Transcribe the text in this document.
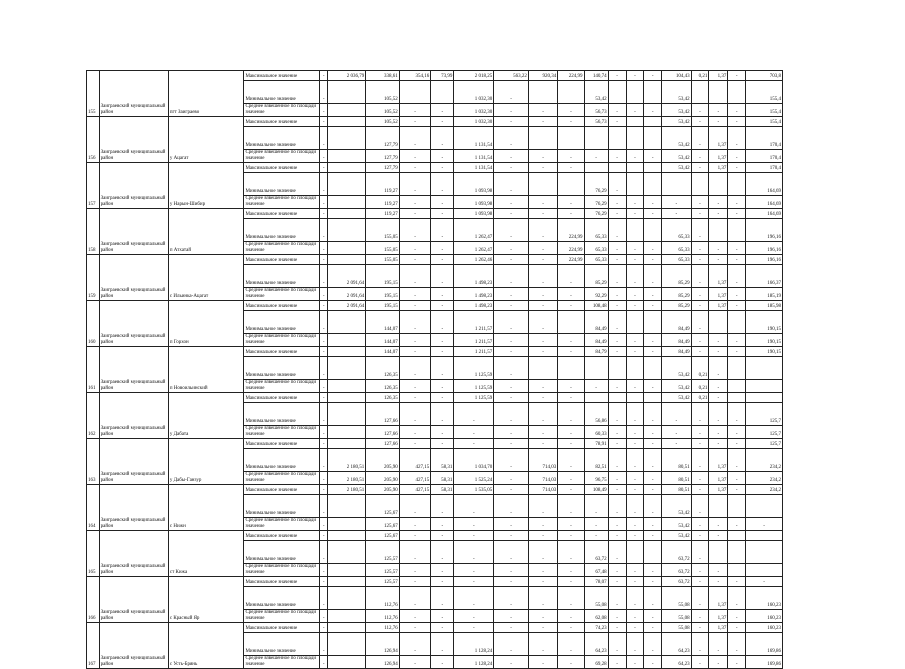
155	Заиграевский муниципальный район	пгт Заиграево	Максимальное значение	-	2 036,79	338,61	354,16	73,99	2 018,25	563,22	920,34	224,99	140,74	-	-	-	104,43	0,21	1,37	-	703,8
			Минимальное значение	-		105,52			1 032,30	-			53,42				53,42				155,4
			Среднее взвешенное по площади значение	-		105,52	-	-	1 032,30	-	-	-	56,73	-	-	-	53,42	-	-	-	155,4
156	Заиграевский муниципальный район	у Ацагат	Максимальное значение	-		105,52	-	-	1 032,30	-	-	-	56,73	-			53,42	-	-	-	155,4
			Минимальное значение	-		127,79	-	-	1 131,54	-							53,42	-	1,37	-	170,4
			Среднее взвешенное по площади значение	-		127,79	-	-	1 131,54	-	-	-	-	-	-	-	53,42	-	1,37	-	170,4
157	Заиграевский муниципальный район	у Нарын-Шибир	Максимальное значение	-		127,79	-	-	1 131,54	-	-	-					53,42	-	1,37	-	170,4
			Минимальное значение	-		119,27	-	-	1 093,98	-			76,29	-							164,69
			Среднее взвешенное по площади значение	-		119,27	-	-	1 093,98	-	-	-	76,29	-	-	-	-	-	-	-	164,69
158	Заиграевский муниципальный район	п Атхатай	Максимальное значение	-		119,27	-	-	1 093,98	-	-	-	76,29	-	-	-	-	-	-	-	164,69
			Минимальное значение	-		155,05	-	-	1 262,47	-	-	224,99	65,33	-			65,33	-			196,16
			Среднее взвешенное по площади значение	-		155,05	-	-	1 262,47	-	-	224,99	65,33	-	-	-	65,33	-	-	-	196,16
159	Заиграевский муниципальный район	с Ильинка-Ацагат	Максимальное значение	-		155,05	-	-	1 262,46	-	-	224,99	65,33	-	-	-	65,33	-	-	-	196,16
			Минимальное значение	-	2 091,64	195,15	-	-	1 498,23	-	-	-	85,29	-	-	-	85,29	-	1,37	-	166,37
			Среднее взвешенное по площади значение	-	2 091,64	195,15	-	-	1 498,23	-	-	-	92,29	-	-	-	85,29	-	1,37	-	185,19
160	Заиграевский муниципальный район	п Горхон	Максимальное значение	-	2 091,64	195,15	-	-	1 498,23	-	-	-	108,48	-	-	-	85,29	-	1,37	-	185,98
			Минимальное значение	-		144,07	-	-	1 211,57	-	-		84,49	-			84,49	-			190,15
			Среднее взвешенное по площади значение	-		144,07	-	-	1 211,57	-	-	-	84,49	-	-	-	84,49	-	-	-	190,15
161	Заиграевский муниципальный район	п Новоильинский	Максимальное значение	-		144,07	-	-	1 211,57	-	-	-	84,79	-	-	-	84,49	-	-	-	190,15
			Минимальное значение	-		126,35	-	-	1 125,59	-							53,42	0,21	-		
			Среднее взвешенное по площади значение	-		126,35	-	-	1 125,59	-	-	-	-	-	-	-	53,42	0,21	-		
162	Заиграевский муниципальный район	у Дабата	Максимальное значение	-		126,35	-	-	1 125,59	-	-	-					53,42	0,21	-		
			Минимальное значение	-		127,66	-	-	-	-	-	-	56,86	-	-	-	-	-	-	-	125,7
			Среднее взвешенное по площади значение	-		127,66	-	-	-	-	-	-	60,33	-	-	-	-	-	-	-	125,7
163	Заиграевский муниципальный район	у Дабы-Ганзур	Максимальное значение	-		127,66	-	-	-	-	-	-	78,91	-	-	-	-	-	-	-	125,7
			Минимальное значение	-	2 180,51	205,90	427,15	58,31	1 034,70	-	714,03	-	82,51	-	-	-	80,51	-	1,37	-	234,2
			Среднее взвешенное по площади значение	-	2 180,51	205,90	427,15	58,31	1 525,24	-	714,03	-	96,75	-	-	-	80,51	-	1,37	-	234,2
164	Заиграевский муниципальный район	с Нижн	Максимальное значение	-	2 180,51	205,90	427,15	58,31	1 535,05	-	714,03	-	108,49	-	-	-	80,51	-	1,37	-	234,2
			Минимальное значение	-		125,67	-	-	-	-	-	-	-	-	-	-	53,42	-			
			Среднее взвешенное по площади значение	-		125,67	-	-	-	-	-	-	-	-	-	-	53,42	-	-	-	-
165	Заиграевский муниципальный район	ст Кижа	Максимальное значение	-		125,67	-	-	-	-	-	-	-	-	-	-	53,42	-	-		
			Минимальное значение	-		125,57	-	-	-	-	-	-	63,72	-			63,72	-			
			Среднее взвешенное по площади значение	-		125,57	-	-	-	-	-	-	67,48	-	-	-	63,72	-	-		
166	Заиграевский муниципальный район	с Красный Яр	Максимальное значение	-		125,57	-	-	-	-	-	-	78,07	-	-	-	63,72	-	-	-	-
			Минимальное значение	-		112,76	-	-	-	-	-	-	55,08	-	-	-	55,08	-	1,37	-	160,23
			Среднее взвешенное по площади значение	-		112,76	-	-	-	-	-	-	62,08	-	-	-	55,08	-	1,37	-	160,23
167	Заиграевский муниципальный район	с Усть-Брянь	Максимальное значение	-		112,76	-	-	-	-	-	-	74,23	-	-	-	55,08	-	1,37	-	160,23
			Минимальное значение	-		126,94	-	-	1 128,24	-	-	-	64,23	-	-	-	64,23	-	-	-	169,86
			Среднее взвешенное по площади значение	-		126,94	-	-	1 128,24	-	-	-	69,28	-	-	-	64,23	-	-	-	169,86
